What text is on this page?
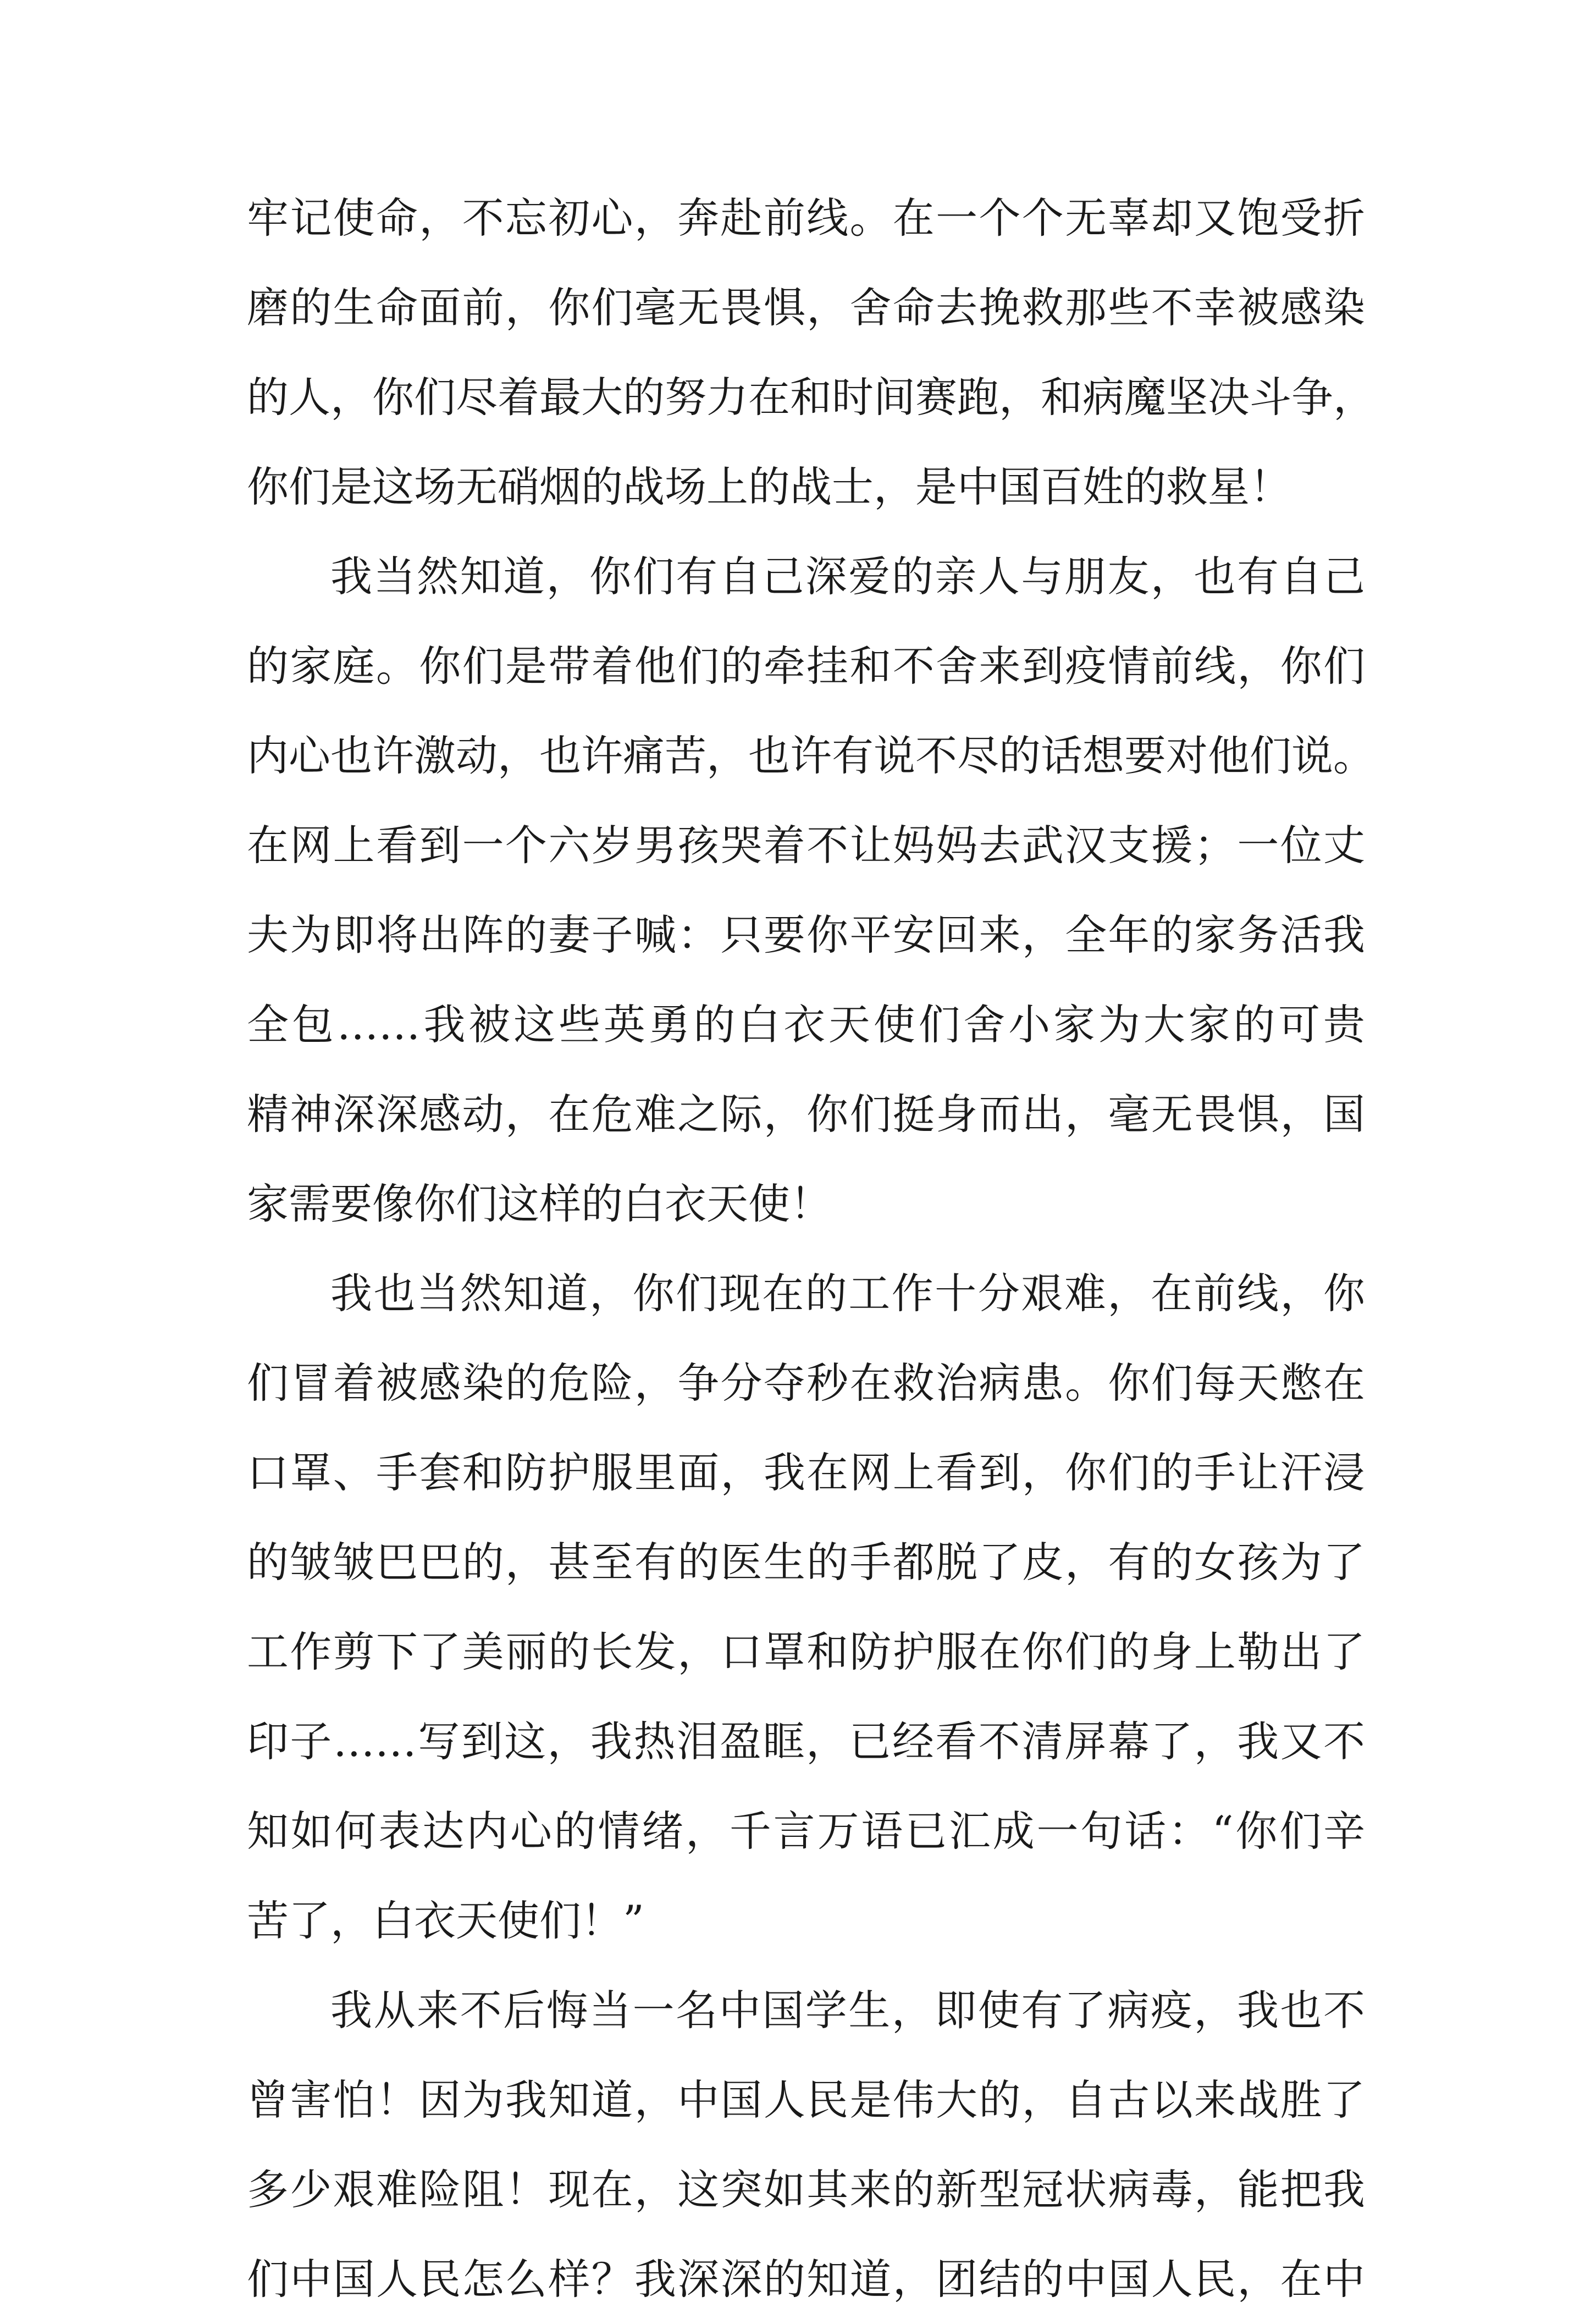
牢记使命，不忘初心，奔赴前线。在一个个无辜却又饱受折
磨的生命面前，你们毫无畏惧，舍命去挽救那些不幸被感染
的人，你们尽着最大的努力在和时间赛跑，和病魔坚决斗争，
你们是这场无硝烟的战场上的战士，是中国百姓的救星！
我当然知道，你们有自己深爱的亲人与朋友，也有自己
的家庭。你们是带着他们的牵挂和不舍来到疫情前线，你们
内心也许激动，也许痛苦，也许有说不尽的话想要对他们说。
在网上看到一个六岁男孩哭着不让妈妈去武汉支援；一位丈
夫为即将出阵的妻子喊：只要你平安回来，全年的家务活我
全包……我被这些英勇的白衣天使们舍小家为大家的可贵
精神深深感动，在危难之际，你们挺身而出，毫无畏惧，国
家需要像你们这样的白衣天使！
我也当然知道，你们现在的工作十分艰难，在前线，你
们冒着被感染的危险，争分夺秒在救治病患。你们每天憋在
口罩、手套和防护服里面，我在网上看到，你们的手让汗浸
的皱皱巴巴的，甚至有的医生的手都脱了皮，有的女孩为了
工作剪下了美丽的长发，口罩和防护服在你们的身上勒出了
印子……写到这，我热泪盈眶，已经看不清屏幕了，我又不
知如何表达内心的情绪，千言万语已汇成一句话：“你们辛
苦了，白衣天使们！”
我从来不后悔当一名中国学生，即使有了病疫，我也不
曾害怕！因为我知道，中国人民是伟大的，自古以来战胜了
多少艰难险阻！现在，这突如其来的新型冠状病毒，能把我
们中国人民怎么样？我深深的知道，团结的中国人民，在中
